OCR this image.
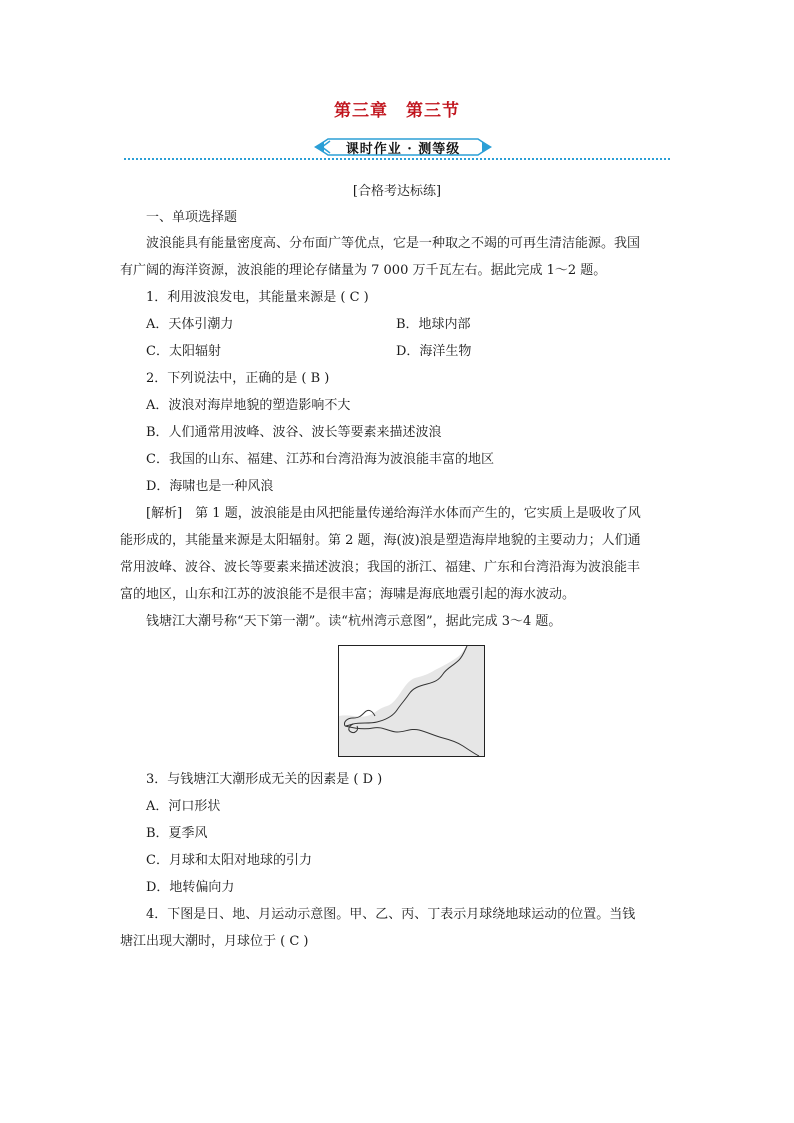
第三章　第三节
课时作业 · 测等级
[合格考达标练]
一、单项选择题
波浪能具有能量密度高、分布面广等优点，它是一种取之不竭的可再生清洁能源。我国
有广阔的海洋资源，波浪能的理论存储量为 7 000 万千瓦左右。据此完成 1～2 题。
1．利用波浪发电，其能量来源是 ( C )
A．天体引潮力	B．地球内部
C．太阳辐射	D．海洋生物
2．下列说法中，正确的是 ( B )
A．波浪对海岸地貌的塑造影响不大
B．人们通常用波峰、波谷、波长等要素来描述波浪
C．我国的山东、福建、江苏和台湾沿海为波浪能丰富的地区
D．海啸也是一种风浪
[解析]　第 1 题，波浪能是由风把能量传递给海洋水体而产生的，它实质上是吸收了风
能形成的，其能量来源是太阳辐射。第 2 题，海(波)浪是塑造海岸地貌的主要动力；人们通
常用波峰、波谷、波长等要素来描述波浪；我国的浙江、福建、广东和台湾沿海为波浪能丰
富的地区，山东和江苏的波浪能不是很丰富；海啸是海底地震引起的海水波动。
钱塘江大潮号称“天下第一潮”。读“杭州湾示意图”，据此完成 3～4 题。
3．与钱塘江大潮形成无关的因素是 ( D )
A．河口形状
B．夏季风
C．月球和太阳对地球的引力
D．地转偏向力
4．下图是日、地、月运动示意图。甲、乙、丙、丁表示月球绕地球运动的位置。当钱
塘江出现大潮时，月球位于 ( C )
